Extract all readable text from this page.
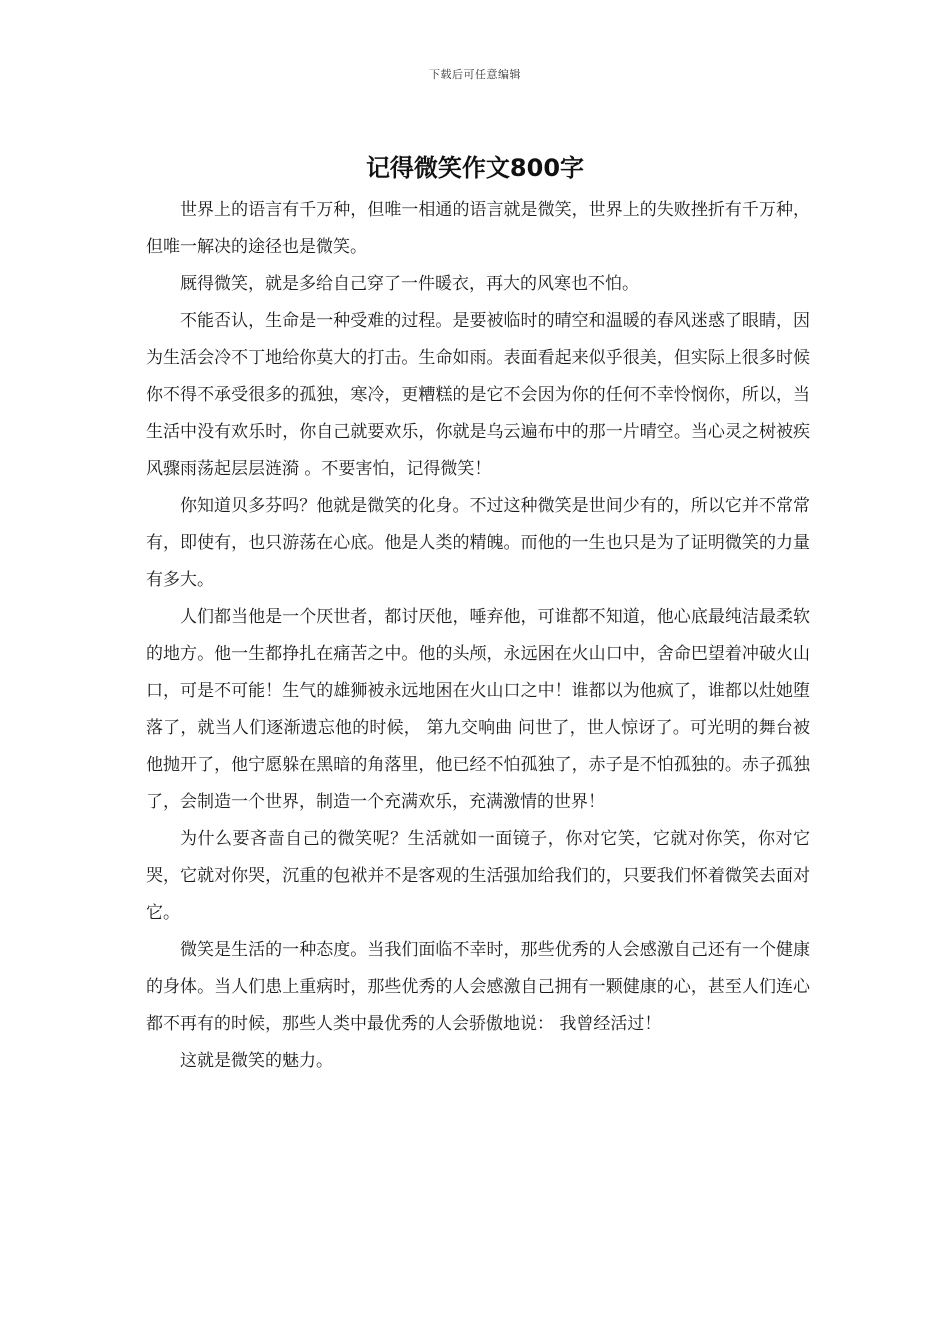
下载后可任意编辑
记得微笑作文800字

世界上的语言有千万种，但唯一相通的语言就是微笑，世界上的失败挫折有千万种，但唯一解决的途径也是微笑。

厩得微笑，就是多给自己穿了一件暖衣，再大的风寒也不怕。

不能否认，生命是一种受难的过程。是要被临时的晴空和温暖的春风迷惑了眼睛，因为生活会冷不丁地给你莫大的打击。生命如雨。表面看起来似乎很美，但实际上很多时候你不得不承受很多的孤独，寒冷，更糟糕的是它不会因为你的任何不幸怜悯你，所以，当生活中没有欢乐时，你自己就要欢乐，你就是乌云遍布中的那一片晴空。当心灵之树被疾风骤雨荡起层层涟漪 。不要害怕，记得微笑！

你知道贝多芬吗？他就是微笑的化身。不过这种微笑是世间少有的，所以它并不常常有，即使有，也只游荡在心底。他是人类的精魄。而他的一生也只是为了证明微笑的力量有多大。

人们都当他是一个厌世者，都讨厌他，唾弃他，可谁都不知道，他心底最纯洁最柔软的地方。他一生都挣扎在痛苦之中。他的头颅，永远困在火山口中，舍命巴望着冲破火山口，可是不可能！生气的雄狮被永远地困在火山口之中！谁都以为他疯了，谁都以灶她堕落了，就当人们逐渐遗忘他的时候， 第九交响曲 问世了，世人惊讶了。可光明的舞台被他抛开了，他宁愿躲在黑暗的角落里，他已经不怕孤独了，赤子是不怕孤独的。赤子孤独了，会制造一个世界，制造一个充满欢乐，充满激情的世界！

为什么要吝啬自己的微笑呢？生活就如一面镜子，你对它笑，它就对你笑，你对它哭，它就对你哭，沉重的包袱并不是客观的生活强加给我们的，只要我们怀着微笑去面对它。

微笑是生活的一种态度。当我们面临不幸时，那些优秀的人会感激自己还有一个健康的身体。当人们患上重病时，那些优秀的人会感激自己拥有一颗健康的心，甚至人们连心都不再有的时候，那些人类中最优秀的人会骄傲地说： 我曾经活过！

这就是微笑的魅力。
